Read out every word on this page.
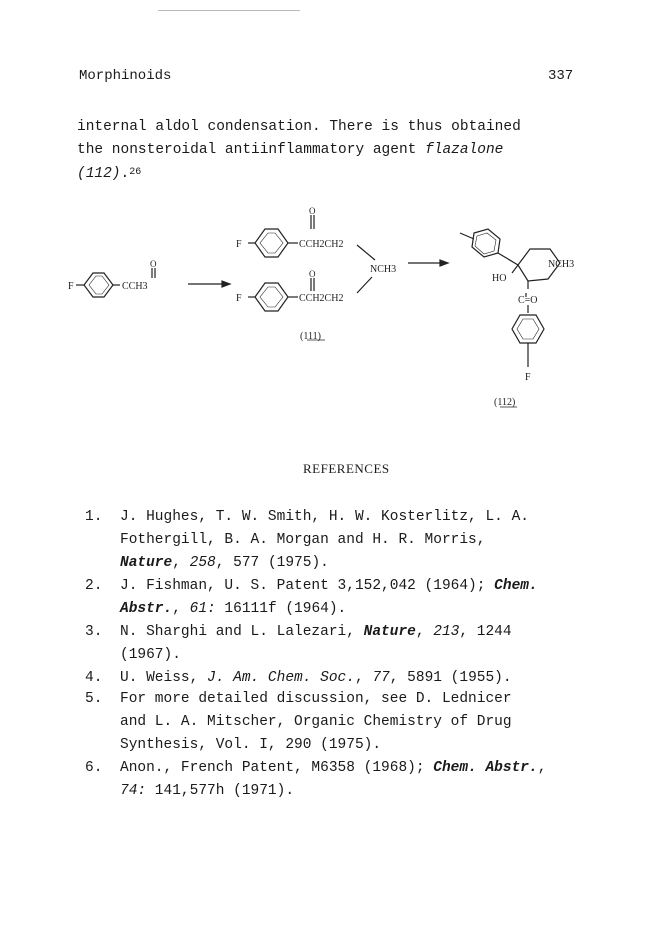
Morphinoids	337
internal aldol condensation. There is thus obtained
the nonsteroidal antiinflammatory agent flazalone
(112).$^{26}$
F
O
CCH3
F
O
CCH2CH2
NCH3
O
F	CCH2CH2
(111)
NCH3
HO
C=O
F
(112)
REFERENCES
1. J. Hughes, T. W. Smith, H. W. Kosterlitz, L. A.
Fothergill, B. A. Morgan and H. R. Morris,
Nature, 258, 577 (1975).
2. J. Fishman, U. S. Patent 3,152,042 (1964); Chem.
Abstr., 61: 16111f (1964).
3. N. Sharghi and L. Lalezari, Nature, 213, 1244
(1967).
4. U. Weiss, J. Am. Chem. Soc., 77, 5891 (1955).
5. For more detailed discussion, see D. Lednicer
and L. A. Mitscher, Organic Chemistry of Drug
Synthesis, Vol. I, 290 (1975).
6. Anon., French Patent, M6358 (1968); Chem. Abstr.,
74: 141,577h (1971).
